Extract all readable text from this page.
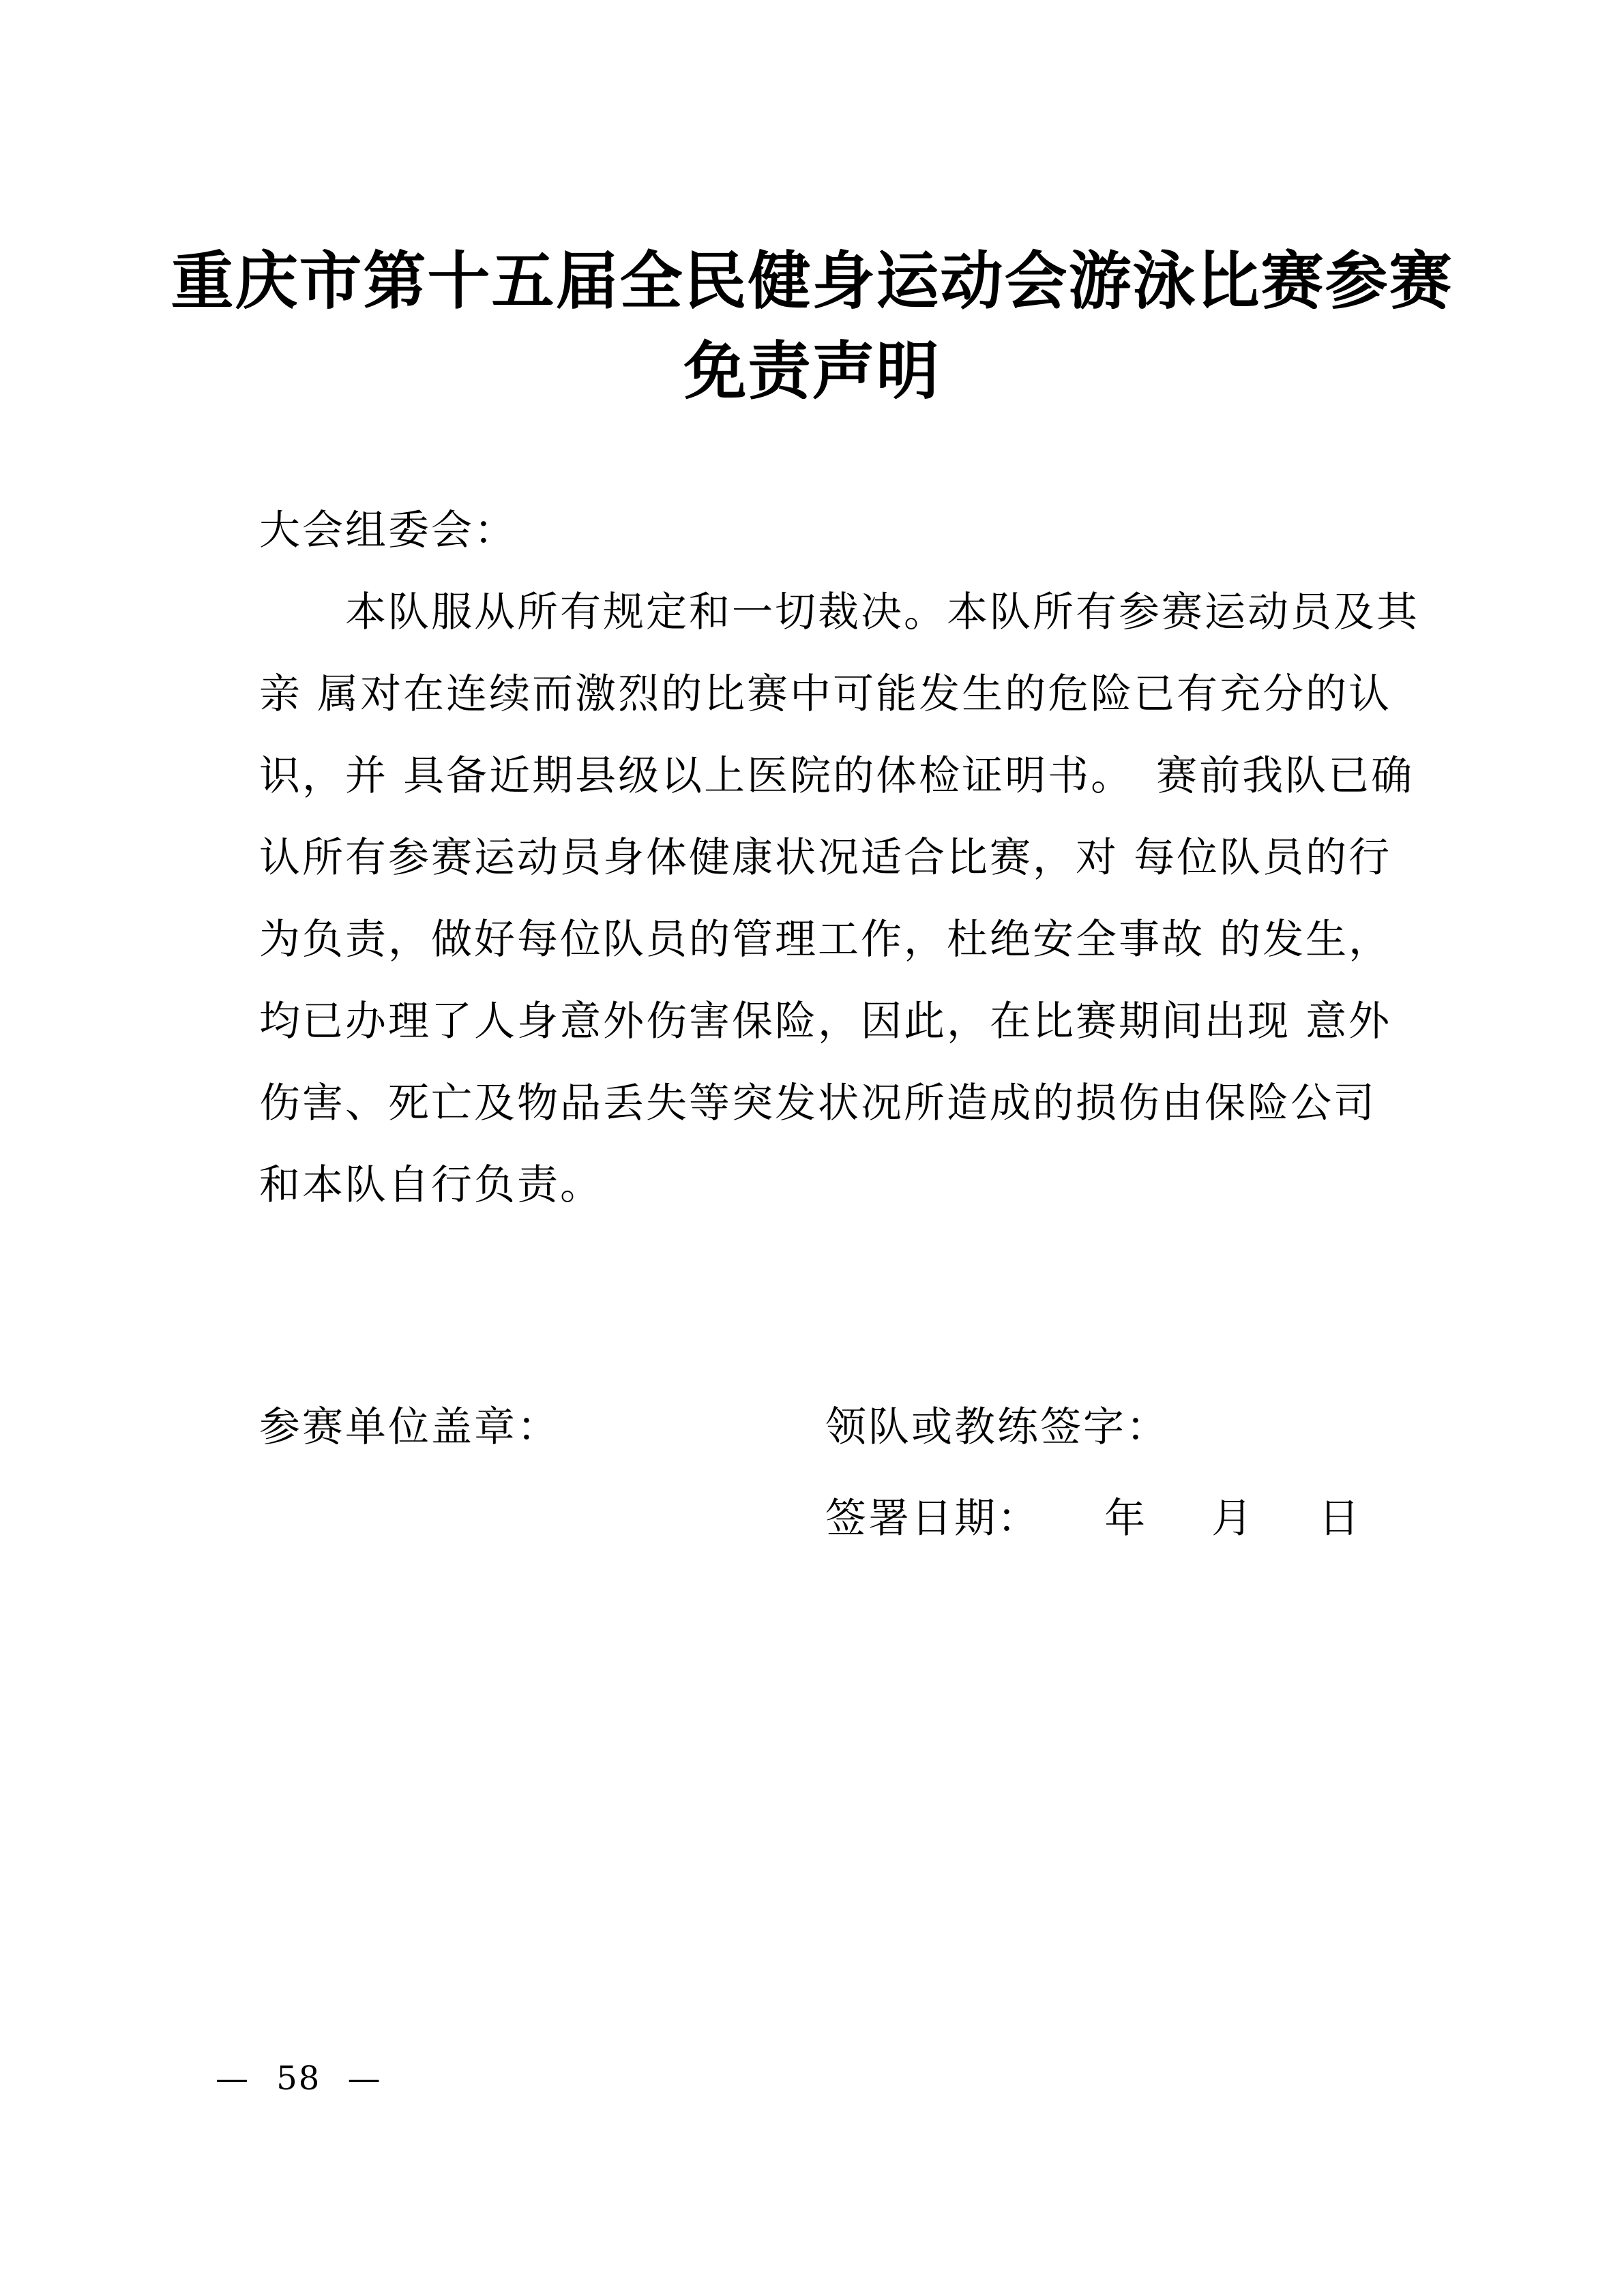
重庆市第十五届全民健身运动会游泳比赛参赛
免责声明
大会组委会：
本队服从所有规定和一切裁决。本队所有参赛运动员及其
亲 属对在连续而激烈的比赛中可能发生的危险已有充分的认
识，并 具备近期县级以上医院的体检证明书。　赛前我队已确
认所有参赛运动员身体健康状况适合比赛，对 每位队员的行
为负责，做好每位队员的管理工作，杜绝安全事故 的发生，
均已办理了人身意外伤害保险，因此，在比赛期间出现 意外
伤害、死亡及物品丢失等突发状况所造成的损伤由保险公司
和本队自行负责。
参赛单位盖章：	领队或教练签字：
签署日期： 年 月 日
— 58 —
